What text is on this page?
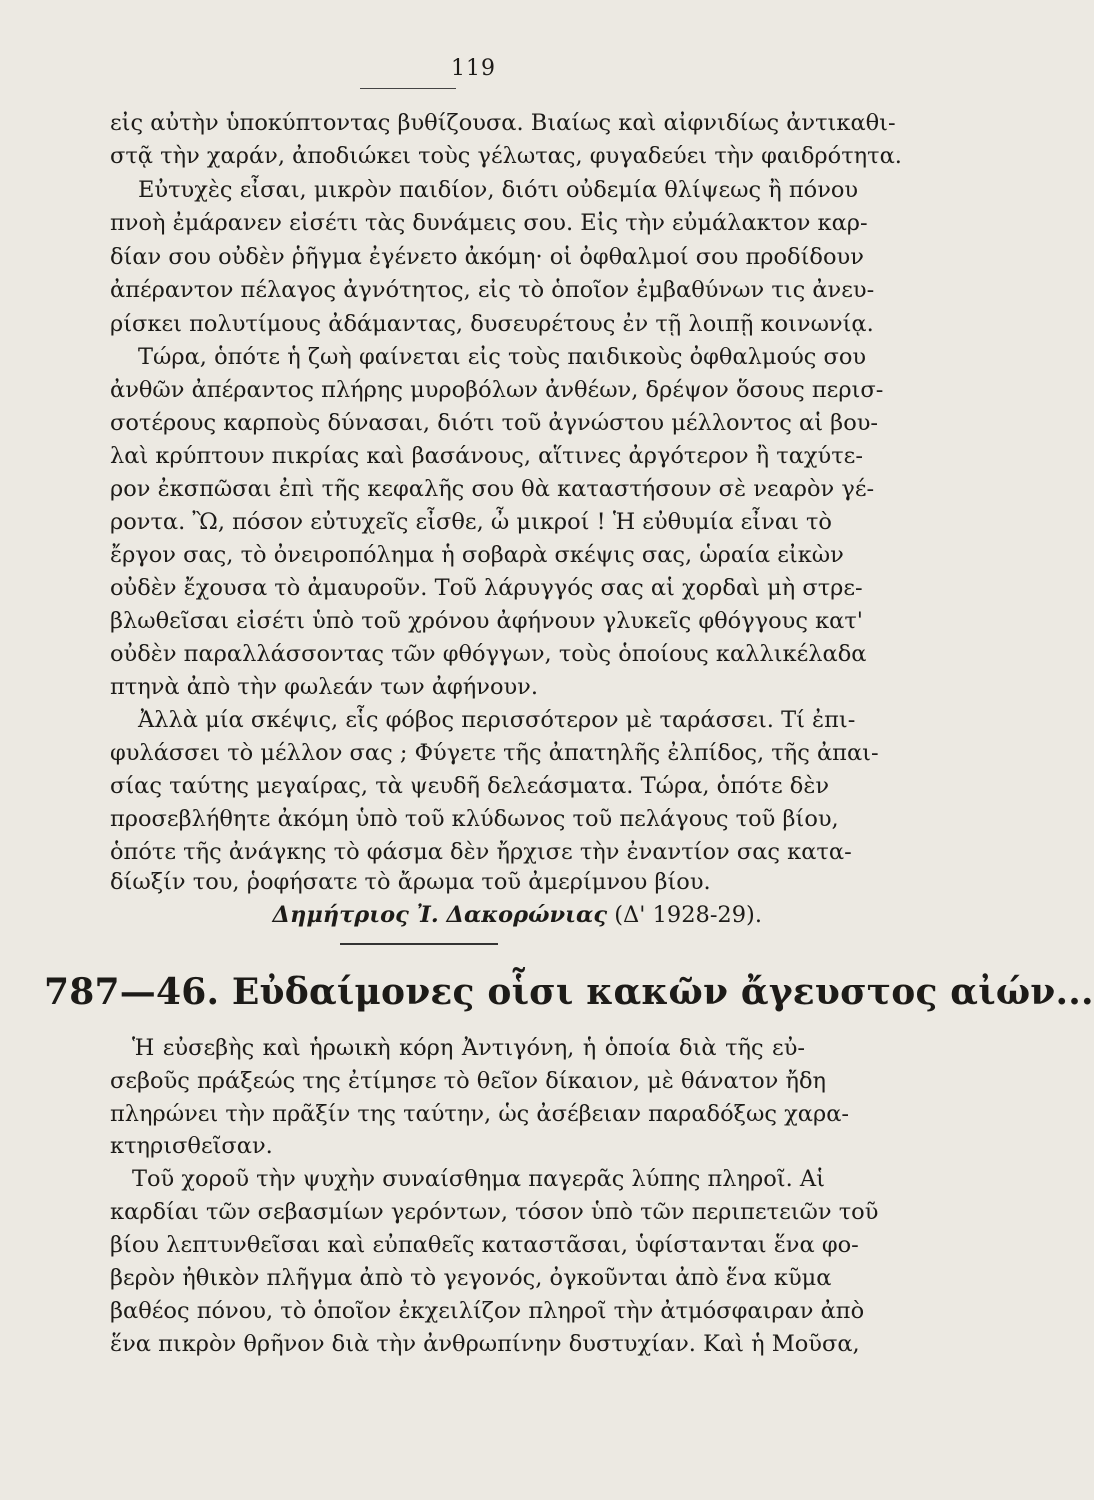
119
εἰς αὐτὴν ὑποκύπτοντας βυθίζουσα. Βιαίως καὶ αἰφνιδίως ἀντικαθι-
στᾷ τὴν χαράν, ἀποδιώκει τοὺς γέλωτας, φυγαδεύει τὴν φαιδρότητα.
Εὐτυχὲς εἶσαι, μικρὸν παιδίον, διότι οὐδεμία θλίψεως ἢ πόνου
πνοὴ ἐμάρανεν εἰσέτι τὰς δυνάμεις σου. Εἰς τὴν εὐμάλακτον καρ-
δίαν σου οὐδὲν ῥῆγμα ἐγένετο ἀκόμη· οἱ ὀφθαλμοί σου προδίδουν
ἀπέραντον πέλαγος ἀγνότητος, εἰς τὸ ὁποῖον ἐμβαθύνων τις ἀνευ-
ρίσκει πολυτίμους ἀδάμαντας, δυσευρέτους ἐν τῇ λοιπῇ κοινωνίᾳ.
Τώρα, ὁπότε ἡ ζωὴ φαίνεται εἰς τοὺς παιδικοὺς ὀφθαλμούς σου
ἀνθῶν ἀπέραντος πλήρης μυροβόλων ἀνθέων, δρέψον ὅσους περισ-
σοτέρους καρποὺς δύνασαι, διότι τοῦ ἀγνώστου μέλλοντος αἱ βου-
λαὶ κρύπτουν πικρίας καὶ βασάνους, αἵτινες ἀργότερον ἢ ταχύτε-
ρον ἐκσπῶσαι ἐπὶ τῆς κεφαλῆς σου θὰ καταστήσουν σὲ νεαρὸν γέ-
ροντα. Ὢ, πόσον εὐτυχεῖς εἶσθε, ὦ μικροί ! Ἡ εὐθυμία εἶναι τὸ
ἔργον σας, τὸ ὀνειροπόλημα ἡ σοβαρὰ σκέψις σας, ὡραία εἰκὼν
οὐδὲν ἔχουσα τὸ ἀμαυροῦν. Τοῦ λάρυγγός σας αἱ χορδαὶ μὴ στρε-
βλωθεῖσαι εἰσέτι ὑπὸ τοῦ χρόνου ἀφήνουν γλυκεῖς φθόγγους κατ'
οὐδὲν παραλλάσσοντας τῶν φθόγγων, τοὺς ὁποίους καλλικέλαδα
πτηνὰ ἀπὸ τὴν φωλεάν των ἀφήνουν.
Ἀλλὰ μία σκέψις, εἷς φόβος περισσότερον μὲ ταράσσει. Τί ἐπι-
φυλάσσει τὸ μέλλον σας ; Φύγετε τῆς ἀπατηλῆς ἐλπίδος, τῆς ἀπαι-
σίας ταύτης μεγαίρας, τὰ ψευδῆ δελεάσματα. Τώρα, ὁπότε δὲν
προσεβλήθητε ἀκόμη ὑπὸ τοῦ κλύδωνος τοῦ πελάγους τοῦ βίου,
ὁπότε τῆς ἀνάγκης τὸ φάσμα δὲν ἤρχισε τὴν ἐναντίον σας κατα-
δίωξίν του, ῥοφήσατε τὸ ἄρωμα τοῦ ἀμερίμνου βίου.
Δημήτριος Ἰ. Δακορώνιας (Δ' 1928-29).
787—46. Εὐδαίμονες οἷσι κακῶν ἄγευστος αἰών...
Ἡ εὐσεβὴς καὶ ἡρωικὴ κόρη Ἀντιγόνη, ἡ ὁποία διὰ τῆς εὐ-
σεβοῦς πράξεώς της ἐτίμησε τὸ θεῖον δίκαιον, μὲ θάνατον ἤδη
πληρώνει τὴν πρᾶξίν της ταύτην, ὡς ἀσέβειαν παραδόξως χαρα-
κτηρισθεῖσαν.
Τοῦ χοροῦ τὴν ψυχὴν συναίσθημα παγερᾶς λύπης πληροῖ. Αἱ
καρδίαι τῶν σεβασμίων γερόντων, τόσον ὑπὸ τῶν περιπετειῶν τοῦ
βίου λεπτυνθεῖσαι καὶ εὐπαθεῖς καταστᾶσαι, ὑφίστανται ἕνα φο-
βερὸν ἠθικὸν πλῆγμα ἀπὸ τὸ γεγονός, ὀγκοῦνται ἀπὸ ἕνα κῦμα
βαθέος πόνου, τὸ ὁποῖον ἐκχειλίζον πληροῖ τὴν ἀτμόσφαιραν ἀπὸ
ἕνα πικρὸν θρῆνον διὰ τὴν ἀνθρωπίνην δυστυχίαν. Καὶ ἡ Μοῦσα,
